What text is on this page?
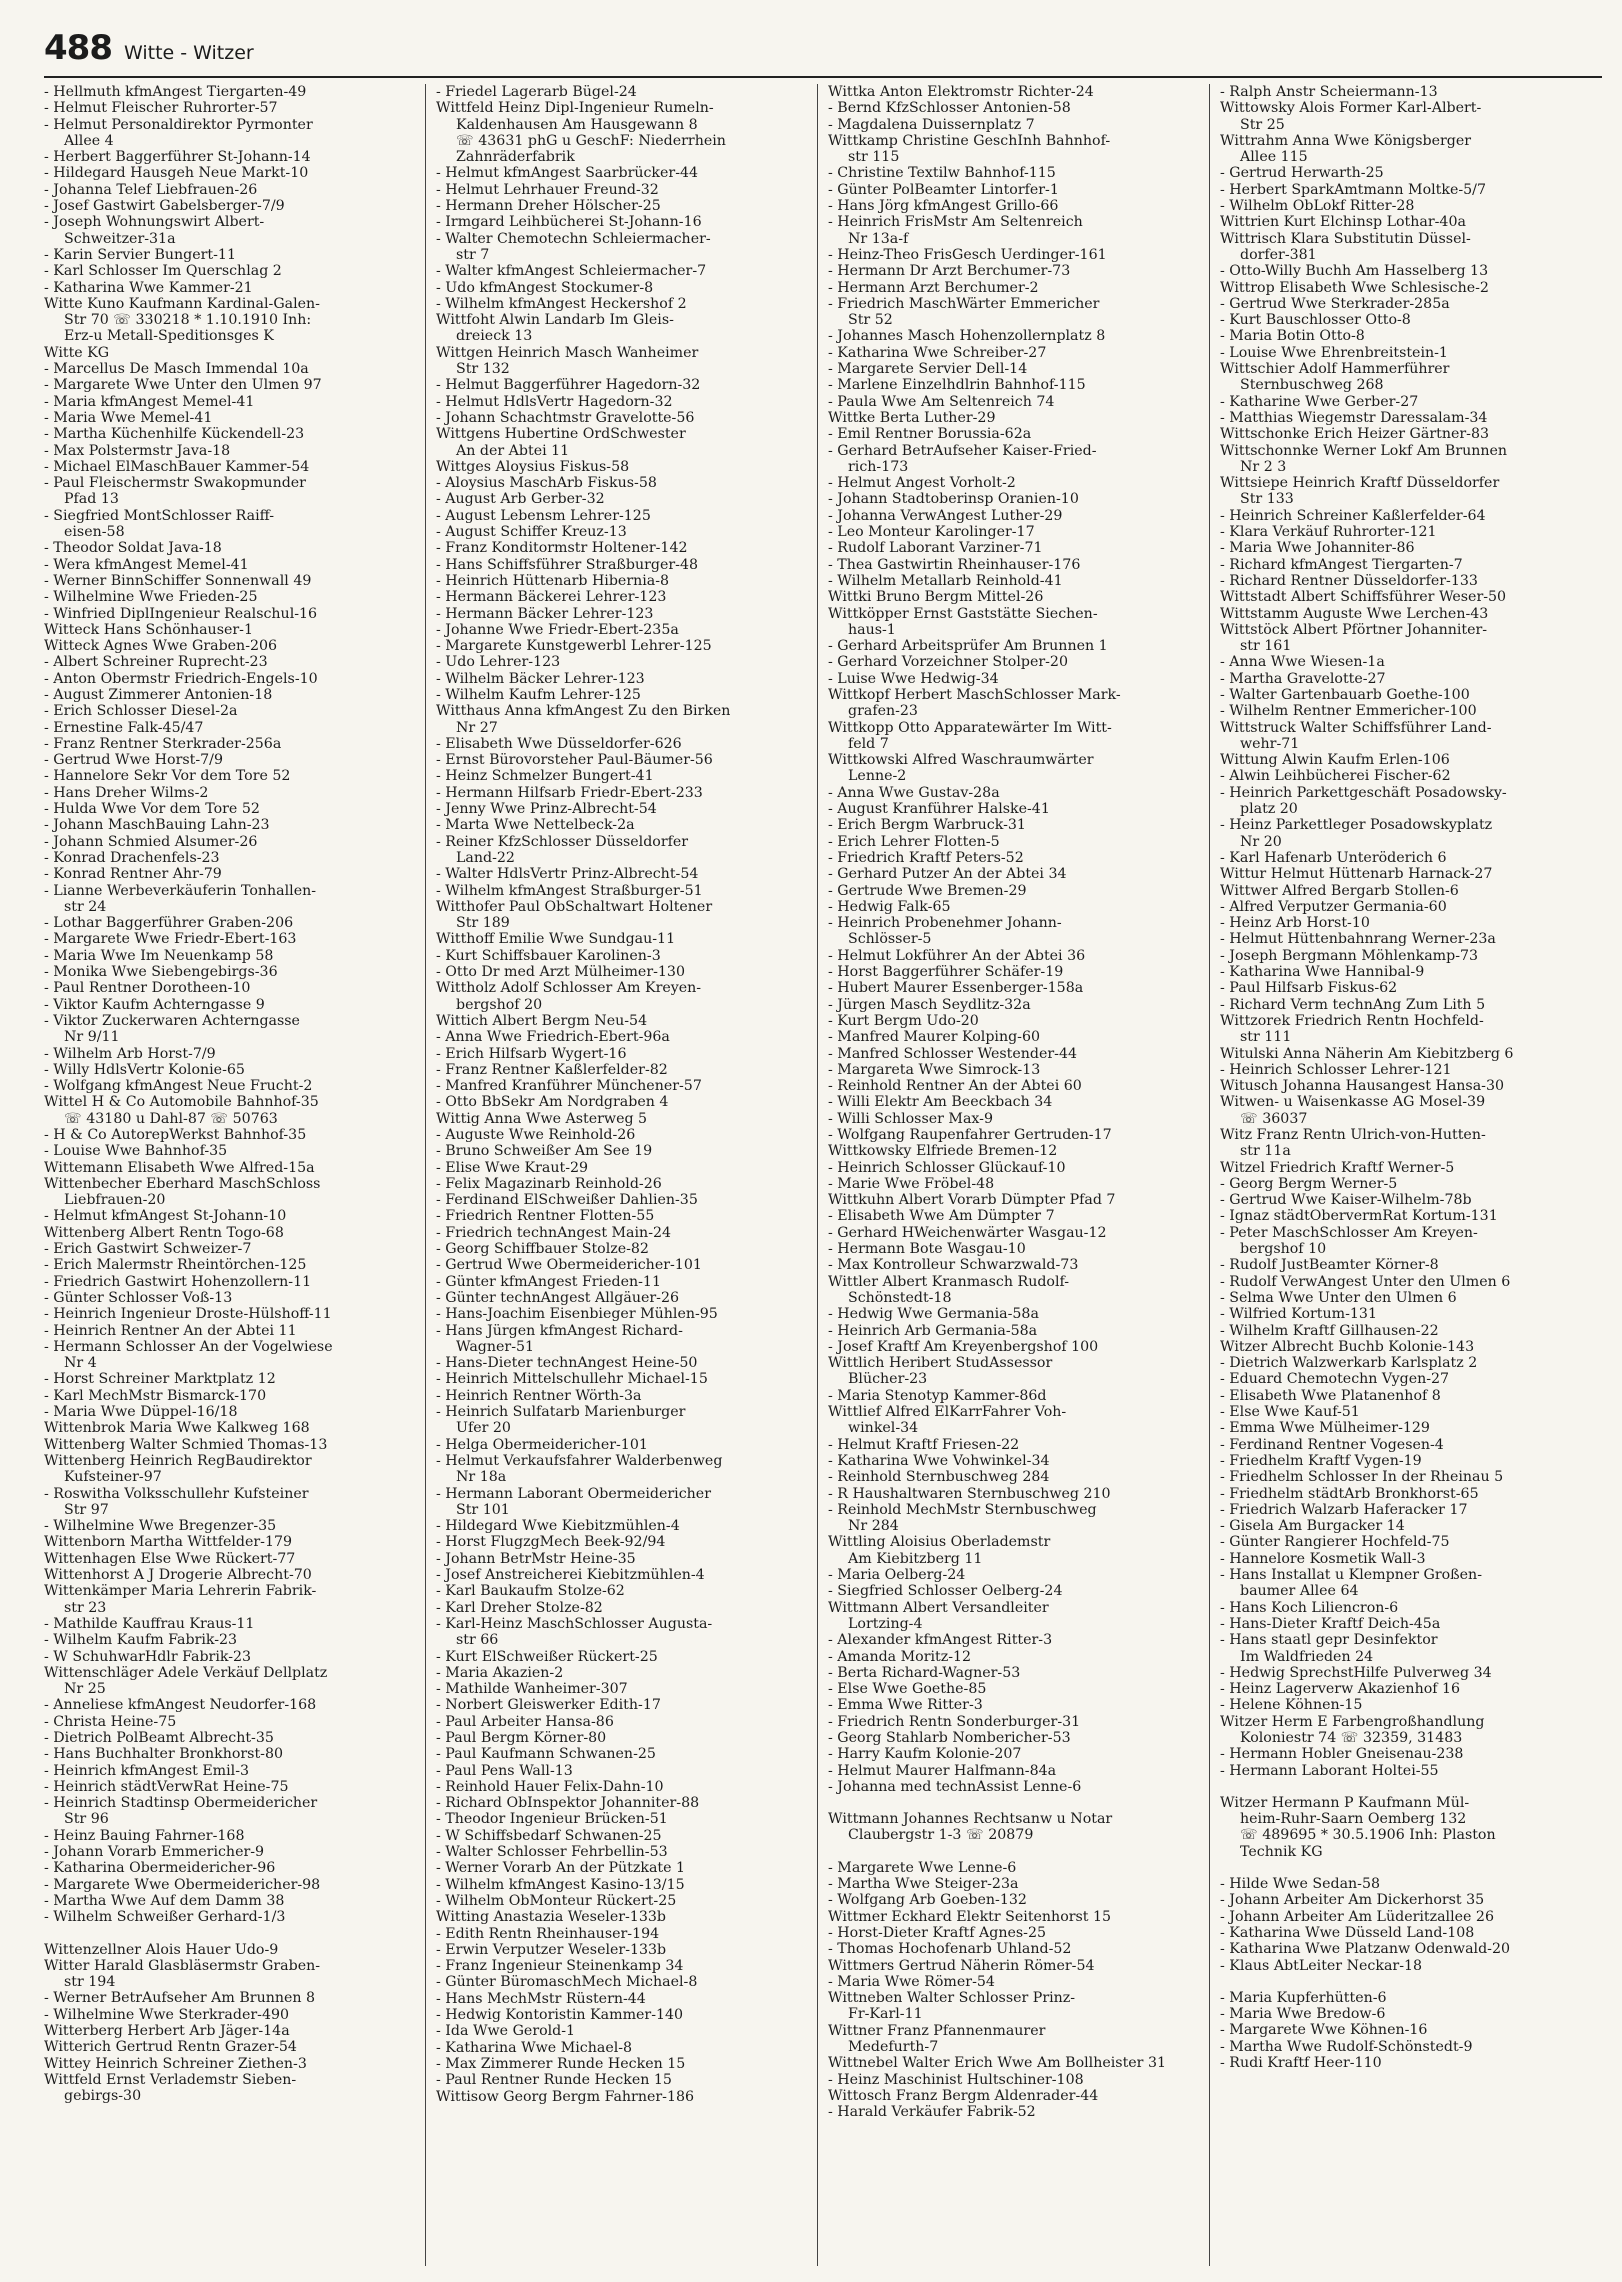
488 Witte - Witzer
- Hellmuth kfmAngest Tiergarten-49
- Helmut Fleischer Ruhrorter-57
- Helmut Personaldirektor Pyrmonter
Allee 4
- Herbert Baggerführer St-Johann-14
- Hildegard Hausgeh Neue Markt-10
- Johanna Telef Liebfrauen-26
- Josef Gastwirt Gabelsberger-7/9
- Joseph Wohnungswirt Albert-
Schweitzer-31a
- Karin Servier Bungert-11
- Karl Schlosser Im Querschlag 2
- Katharina Wwe Kammer-21
Witte Kuno Kaufmann Kardinal-Galen-
Str 70 ☏ 330218 * 1.10.1910 Inh:
Erz-u Metall-Speditionsges K
Witte KG
- Marcellus De Masch Immendal 10a
- Margarete Wwe Unter den Ulmen 97
- Maria kfmAngest Memel-41
- Maria Wwe Memel-41
- Martha Küchenhilfe Kückendell-23
- Max Polstermstr Java-18
- Michael ElMaschBauer Kammer-54
- Paul Fleischermstr Swakopmunder
Pfad 13
- Siegfried MontSchlosser Raiff-
eisen-58
- Theodor Soldat Java-18
- Wera kfmAngest Memel-41
- Werner BinnSchiffer Sonnenwall 49
- Wilhelmine Wwe Frieden-25
- Winfried DiplIngenieur Realschul-16
Witteck Hans Schönhauser-1
Witteck Agnes Wwe Graben-206
- Albert Schreiner Ruprecht-23
- Anton Obermstr Friedrich-Engels-10
- August Zimmerer Antonien-18
- Erich Schlosser Diesel-2a
- Ernestine Falk-45/47
- Franz Rentner Sterkrader-256a
- Gertrud Wwe Horst-7/9
- Hannelore Sekr Vor dem Tore 52
- Hans Dreher Wilms-2
- Hulda Wwe Vor dem Tore 52
- Johann MaschBauing Lahn-23
- Johann Schmied Alsumer-26
- Konrad Drachenfels-23
- Konrad Rentner Ahr-79
- Lianne Werbeverkäuferin Tonhallen-
str 24
- Lothar Baggerführer Graben-206
- Margarete Wwe Friedr-Ebert-163
- Maria Wwe Im Neuenkamp 58
- Monika Wwe Siebengebirgs-36
- Paul Rentner Dorotheen-10
- Viktor Kaufm Achterngasse 9
- Viktor Zuckerwaren Achterngasse
Nr 9/11
- Wilhelm Arb Horst-7/9
- Willy HdlsVertr Kolonie-65
- Wolfgang kfmAngest Neue Frucht-2
Wittel H & Co Automobile Bahnhof-35
☏ 43180 u Dahl-87 ☏ 50763
- H & Co AutorepWerkst Bahnhof-35
- Louise Wwe Bahnhof-35
Wittemann Elisabeth Wwe Alfred-15a
Wittenbecher Eberhard MaschSchloss
Liebfrauen-20
- Helmut kfmAngest St-Johann-10
Wittenberg Albert Rentn Togo-68
- Erich Gastwirt Schweizer-7
- Erich Malermstr Rheintörchen-125
- Friedrich Gastwirt Hohenzollern-11
- Günter Schlosser Voß-13
- Heinrich Ingenieur Droste-Hülshoff-11
- Heinrich Rentner An der Abtei 11
- Hermann Schlosser An der Vogelwiese
Nr 4
- Horst Schreiner Marktplatz 12
- Karl MechMstr Bismarck-170
- Maria Wwe Düppel-16/18
Wittenbrok Maria Wwe Kalkweg 168
Wittenberg Walter Schmied Thomas-13
Wittenberg Heinrich RegBaudirektor
Kufsteiner-97
- Roswitha Volksschullehr Kufsteiner
Str 97
- Wilhelmine Wwe Bregenzer-35
Wittenborn Martha Wittfelder-179
Wittenhagen Else Wwe Rückert-77
Wittenhorst A J Drogerie Albrecht-70
Wittenkämper Maria Lehrerin Fabrik-
str 23
- Mathilde Kauffrau Kraus-11
- Wilhelm Kaufm Fabrik-23
- W SchuhwarHdlr Fabrik-23
Wittenschläger Adele Verkäuf Dellplatz
Nr 25
- Anneliese kfmAngest Neudorfer-168
- Christa Heine-75
- Dietrich PolBeamt Albrecht-35
- Hans Buchhalter Bronkhorst-80
- Heinrich kfmAngest Emil-3
- Heinrich städtVerwRat Heine-75
- Heinrich Stadtinsp Obermeidericher
Str 96
- Heinz Bauing Fahrner-168
- Johann Vorarb Emmericher-9
- Katharina Obermeidericher-96
- Margarete Wwe Obermeidericher-98
- Martha Wwe Auf dem Damm 38
- Wilhelm Schweißer Gerhard-1/3
Wittenzellner Alois Hauer Udo-9
Witter Harald Glasbläsermstr Graben-
str 194
- Werner BetrAufseher Am Brunnen 8
- Wilhelmine Wwe Sterkrader-490
Witterberg Herbert Arb Jäger-14a
Witterich Gertrud Rentn Grazer-54
Wittey Heinrich Schreiner Ziethen-3
Wittfeld Ernst Verlademstr Sieben-
gebirgs-30
- Friedel Lagerarb Bügel-24
Wittfeld Heinz Dipl-Ingenieur Rumeln-
Kaldenhausen Am Hausgewann 8
☏ 43631 phG u GeschF: Niederrhein
Zahnräderfabrik
- Helmut kfmAngest Saarbrücker-44
- Helmut Lehrhauer Freund-32
- Hermann Dreher Hölscher-25
- Irmgard Leihbücherei St-Johann-16
- Walter Chemotechn Schleiermacher-
str 7
- Walter kfmAngest Schleiermacher-7
- Udo kfmAngest Stockumer-8
- Wilhelm kfmAngest Heckershof 2
Wittfoht Alwin Landarb Im Gleis-
dreieck 13
Wittgen Heinrich Masch Wanheimer
Str 132
- Helmut Baggerführer Hagedorn-32
- Helmut HdlsVertr Hagedorn-32
- Johann Schachtmstr Gravelotte-56
Wittgens Hubertine OrdSchwester
An der Abtei 11
Wittges Aloysius Fiskus-58
- Aloysius MaschArb Fiskus-58
- August Arb Gerber-32
- August Lebensm Lehrer-125
- August Schiffer Kreuz-13
- Franz Konditormstr Holtener-142
- Hans Schiffsführer Straßburger-48
- Heinrich Hüttenarb Hibernia-8
- Hermann Bäckerei Lehrer-123
- Hermann Bäcker Lehrer-123
- Johanne Wwe Friedr-Ebert-235a
- Margarete Kunstgewerbl Lehrer-125
- Udo Lehrer-123
- Wilhelm Bäcker Lehrer-123
- Wilhelm Kaufm Lehrer-125
Witthaus Anna kfmAngest Zu den Birken
Nr 27
- Elisabeth Wwe Düsseldorfer-626
- Ernst Bürovorsteher Paul-Bäumer-56
- Heinz Schmelzer Bungert-41
- Hermann Hilfsarb Friedr-Ebert-233
- Jenny Wwe Prinz-Albrecht-54
- Marta Wwe Nettelbeck-2a
- Reiner KfzSchlosser Düsseldorfer
Land-22
- Walter HdlsVertr Prinz-Albrecht-54
- Wilhelm kfmAngest Straßburger-51
Witthofer Paul ObSchaltwart Holtener
Str 189
Witthoff Emilie Wwe Sundgau-11
- Kurt Schiffsbauer Karolinen-3
- Otto Dr med Arzt Mülheimer-130
Wittholz Adolf Schlosser Am Kreyen-
bergshof 20
Wittich Albert Bergm Neu-54
- Anna Wwe Friedrich-Ebert-96a
- Erich Hilfsarb Wygert-16
- Franz Rentner Kaßlerfelder-82
- Manfred Kranführer Münchener-57
- Otto BbSekr Am Nordgraben 4
Wittig Anna Wwe Asterweg 5
- Auguste Wwe Reinhold-26
- Bruno Schweißer Am See 19
- Elise Wwe Kraut-29
- Felix Magazinarb Reinhold-26
- Ferdinand ElSchweißer Dahlien-35
- Friedrich Rentner Flotten-55
- Friedrich technAngest Main-24
- Georg Schiffbauer Stolze-82
- Gertrud Wwe Obermeidericher-101
- Günter kfmAngest Frieden-11
- Günter technAngest Allgäuer-26
- Hans-Joachim Eisenbieger Mühlen-95
- Hans Jürgen kfmAngest Richard-
Wagner-51
- Hans-Dieter technAngest Heine-50
- Heinrich Mittelschullehr Michael-15
- Heinrich Rentner Wörth-3a
- Heinrich Sulfatarb Marienburger
Ufer 20
- Helga Obermeidericher-101
- Helmut Verkaufsfahrer Walderbenweg
Nr 18a
- Hermann Laborant Obermeidericher
Str 101
- Hildegard Wwe Kiebitzmühlen-4
- Horst FlugzgMech Beek-92/94
- Johann BetrMstr Heine-35
- Josef Anstreicherei Kiebitzmühlen-4
- Karl Baukaufm Stolze-62
- Karl Dreher Stolze-82
- Karl-Heinz MaschSchlosser Augusta-
str 66
- Kurt ElSchweißer Rückert-25
- Maria Akazien-2
- Mathilde Wanheimer-307
- Norbert Gleiswerker Edith-17
- Paul Arbeiter Hansa-86
- Paul Bergm Körner-80
- Paul Kaufmann Schwanen-25
- Paul Pens Wall-13
- Reinhold Hauer Felix-Dahn-10
- Richard ObInspektor Johanniter-88
- Theodor Ingenieur Brücken-51
- W Schiffsbedarf Schwanen-25
- Walter Schlosser Fehrbellin-53
- Werner Vorarb An der Pützkate 1
- Wilhelm kfmAngest Kasino-13/15
- Wilhelm ObMonteur Rückert-25
Witting Anastazia Weseler-133b
- Edith Rentn Rheinhauser-194
- Erwin Verputzer Weseler-133b
- Franz Ingenieur Steinenkamp 34
- Günter BüromaschMech Michael-8
- Hans MechMstr Rüstern-44
- Hedwig Kontoristin Kammer-140
- Ida Wwe Gerold-1
- Katharina Wwe Michael-8
- Max Zimmerer Runde Hecken 15
- Paul Rentner Runde Hecken 15
Wittisow Georg Bergm Fahrner-186
Wittka Anton Elektromstr Richter-24
- Bernd KfzSchlosser Antonien-58
- Magdalena Duissernplatz 7
Wittkamp Christine GeschInh Bahnhof-
str 115
- Christine Textilw Bahnhof-115
- Günter PolBeamter Lintorfer-1
- Hans Jörg kfmAngest Grillo-66
- Heinrich FrisMstr Am Seltenreich
Nr 13a-f
- Heinz-Theo FrisGesch Uerdinger-161
- Hermann Dr Arzt Berchumer-73
- Hermann Arzt Berchumer-2
- Friedrich MaschWärter Emmericher
Str 52
- Johannes Masch Hohenzollernplatz 8
- Katharina Wwe Schreiber-27
- Margarete Servier Dell-14
- Marlene Einzelhdlrin Bahnhof-115
- Paula Wwe Am Seltenreich 74
Wittke Berta Luther-29
- Emil Rentner Borussia-62a
- Gerhard BetrAufseher Kaiser-Fried-
rich-173
- Helmut Angest Vorholt-2
- Johann Stadtoberinsp Oranien-10
- Johanna VerwAngest Luther-29
- Leo Monteur Karolinger-17
- Rudolf Laborant Varziner-71
- Thea Gastwirtin Rheinhauser-176
- Wilhelm Metallarb Reinhold-41
Wittki Bruno Bergm Mittel-26
Wittköpper Ernst Gaststätte Siechen-
haus-1
- Gerhard Arbeitsprüfer Am Brunnen 1
- Gerhard Vorzeichner Stolper-20
- Luise Wwe Hedwig-34
Wittkopf Herbert MaschSchlosser Mark-
grafen-23
Wittkopp Otto Apparatewärter Im Witt-
feld 7
Wittkowski Alfred Waschraumwärter
Lenne-2
- Anna Wwe Gustav-28a
- August Kranführer Halske-41
- Erich Bergm Warbruck-31
- Erich Lehrer Flotten-5
- Friedrich Kraftf Peters-52
- Gerhard Putzer An der Abtei 34
- Gertrude Wwe Bremen-29
- Hedwig Falk-65
- Heinrich Probenehmer Johann-
Schlösser-5
- Helmut Lokführer An der Abtei 36
- Horst Baggerführer Schäfer-19
- Hubert Maurer Essenberger-158a
- Jürgen Masch Seydlitz-32a
- Kurt Bergm Udo-20
- Manfred Maurer Kolping-60
- Manfred Schlosser Westender-44
- Margareta Wwe Simrock-13
- Reinhold Rentner An der Abtei 60
- Willi Elektr Am Beeckbach 34
- Willi Schlosser Max-9
- Wolfgang Raupenfahrer Gertruden-17
Wittkowsky Elfriede Bremen-12
- Heinrich Schlosser Glückauf-10
- Marie Wwe Fröbel-48
Wittkuhn Albert Vorarb Dümpter Pfad 7
- Elisabeth Wwe Am Dümpter 7
- Gerhard HWeichenwärter Wasgau-12
- Hermann Bote Wasgau-10
- Max Kontrolleur Schwarzwald-73
Wittler Albert Kranmasch Rudolf-
Schönstedt-18
- Hedwig Wwe Germania-58a
- Heinrich Arb Germania-58a
- Josef Kraftf Am Kreyenbergshof 100
Wittlich Heribert StudAssessor
Blücher-23
- Maria Stenotyp Kammer-86d
Wittlief Alfred ElKarrFahrer Voh-
winkel-34
- Helmut Kraftf Friesen-22
- Katharina Wwe Vohwinkel-34
- Reinhold Sternbuschweg 284
- R Haushaltwaren Sternbuschweg 210
- Reinhold MechMstr Sternbuschweg
Nr 284
Wittling Aloisius Oberlademstr
Am Kiebitzberg 11
- Maria Oelberg-24
- Siegfried Schlosser Oelberg-24
Wittmann Albert Versandleiter
Lortzing-4
- Alexander kfmAngest Ritter-3
- Amanda Moritz-12
- Berta Richard-Wagner-53
- Else Wwe Goethe-85
- Emma Wwe Ritter-3
- Friedrich Rentn Sonderburger-31
- Georg Stahlarb Nombericher-53
- Harry Kaufm Kolonie-207
- Helmut Maurer Halfmann-84a
- Johanna med technAssist Lenne-6
Wittmann Johannes Rechtsanw u Notar
Claubergstr 1-3 ☏ 20879
- Margarete Wwe Lenne-6
- Martha Wwe Steiger-23a
- Wolfgang Arb Goeben-132
Wittmer Eckhard Elektr Seitenhorst 15
- Horst-Dieter Kraftf Agnes-25
- Thomas Hochofenarb Uhland-52
Wittmers Gertrud Näherin Römer-54
- Maria Wwe Römer-54
Wittneben Walter Schlosser Prinz-
Fr-Karl-11
Wittner Franz Pfannenmaurer
Medefurth-7
Wittnebel Walter Erich Wwe Am Bollheister 31
- Heinz Maschinist Hultschiner-108
Wittosch Franz Bergm Aldenrader-44
- Harald Verkäufer Fabrik-52
- Ralph Anstr Scheiermann-13
Wittowsky Alois Former Karl-Albert-
Str 25
Wittrahm Anna Wwe Königsberger
Allee 115
- Gertrud Herwarth-25
- Herbert SparkAmtmann Moltke-5/7
- Wilhelm ObLokf Ritter-28
Wittrien Kurt Elchinsp Lothar-40a
Wittrisch Klara Substitutin Düssel-
dorfer-381
- Otto-Willy Buchh Am Hasselberg 13
Wittrop Elisabeth Wwe Schlesische-2
- Gertrud Wwe Sterkrader-285a
- Kurt Bauschlosser Otto-8
- Maria Botin Otto-8
- Louise Wwe Ehrenbreitstein-1
Wittschier Adolf Hammerführer
Sternbuschweg 268
- Katharine Wwe Gerber-27
- Matthias Wiegemstr Daressalam-34
Wittschonke Erich Heizer Gärtner-83
Wittschonnke Werner Lokf Am Brunnen
Nr 2 3
Wittsiepe Heinrich Kraftf Düsseldorfer
Str 133
- Heinrich Schreiner Kaßlerfelder-64
- Klara Verkäuf Ruhrorter-121
- Maria Wwe Johanniter-86
- Richard kfmAngest Tiergarten-7
- Richard Rentner Düsseldorfer-133
Wittstadt Albert Schiffsführer Weser-50
Wittstamm Auguste Wwe Lerchen-43
Wittstöck Albert Pförtner Johanniter-
str 161
- Anna Wwe Wiesen-1a
- Martha Gravelotte-27
- Walter Gartenbauarb Goethe-100
- Wilhelm Rentner Emmericher-100
Wittstruck Walter Schiffsführer Land-
wehr-71
Wittung Alwin Kaufm Erlen-106
- Alwin Leihbücherei Fischer-62
- Heinrich Parkettgeschäft Posadowsky-
platz 20
- Heinz Parkettleger Posadowskyplatz
Nr 20
- Karl Hafenarb Unteröderich 6
Wittur Helmut Hüttenarb Harnack-27
Wittwer Alfred Bergarb Stollen-6
- Alfred Verputzer Germania-60
- Heinz Arb Horst-10
- Helmut Hüttenbahnrang Werner-23a
- Joseph Bergmann Möhlenkamp-73
- Katharina Wwe Hannibal-9
- Paul Hilfsarb Fiskus-62
- Richard Verm technAng Zum Lith 5
Wittzorek Friedrich Rentn Hochfeld-
str 111
Witulski Anna Näherin Am Kiebitzberg 6
- Heinrich Schlosser Lehrer-121
Witusch Johanna Hausangest Hansa-30
Witwen- u Waisenkasse AG Mosel-39
☏ 36037
Witz Franz Rentn Ulrich-von-Hutten-
str 11a
Witzel Friedrich Kraftf Werner-5
- Georg Bergm Werner-5
- Gertrud Wwe Kaiser-Wilhelm-78b
- Ignaz städtObervermRat Kortum-131
- Peter MaschSchlosser Am Kreyen-
bergshof 10
- Rudolf JustBeamter Körner-8
- Rudolf VerwAngest Unter den Ulmen 6
- Selma Wwe Unter den Ulmen 6
- Wilfried Kortum-131
- Wilhelm Kraftf Gillhausen-22
Witzer Albrecht Buchb Kolonie-143
- Dietrich Walzwerkarb Karlsplatz 2
- Eduard Chemotechn Vygen-27
- Elisabeth Wwe Platanenhof 8
- Else Wwe Kauf-51
- Emma Wwe Mülheimer-129
- Ferdinand Rentner Vogesen-4
- Friedhelm Kraftf Vygen-19
- Friedhelm Schlosser In der Rheinau 5
- Friedhelm städtArb Bronkhorst-65
- Friedrich Walzarb Haferacker 17
- Gisela Am Burgacker 14
- Günter Rangierer Hochfeld-75
- Hannelore Kosmetik Wall-3
- Hans Installat u Klempner Großen-
baumer Allee 64
- Hans Koch Liliencron-6
- Hans-Dieter Kraftf Deich-45a
- Hans staatl gepr Desinfektor
Im Waldfrieden 24
- Hedwig SprechstHilfe Pulverweg 34
- Heinz Lagerverw Akazienhof 16
- Helene Köhnen-15
Witzer Herm E Farbengroßhandlung
Koloniestr 74 ☏ 32359, 31483
- Hermann Hobler Gneisenau-238
- Hermann Laborant Holtei-55
Witzer Hermann P Kaufmann Mül-
heim-Ruhr-Saarn Oemberg 132
☏ 489695 * 30.5.1906 Inh: Plaston
Technik KG
- Hilde Wwe Sedan-58
- Johann Arbeiter Am Dickerhorst 35
- Johann Arbeiter Am Lüderitzallee 26
- Katharina Wwe Düsseld Land-108
- Katharina Wwe Platzanw Odenwald-20
- Klaus AbtLeiter Neckar-18
- Maria Kupferhütten-6
- Maria Wwe Bredow-6
- Margarete Wwe Köhnen-16
- Martha Wwe Rudolf-Schönstedt-9
- Rudi Kraftf Heer-110
